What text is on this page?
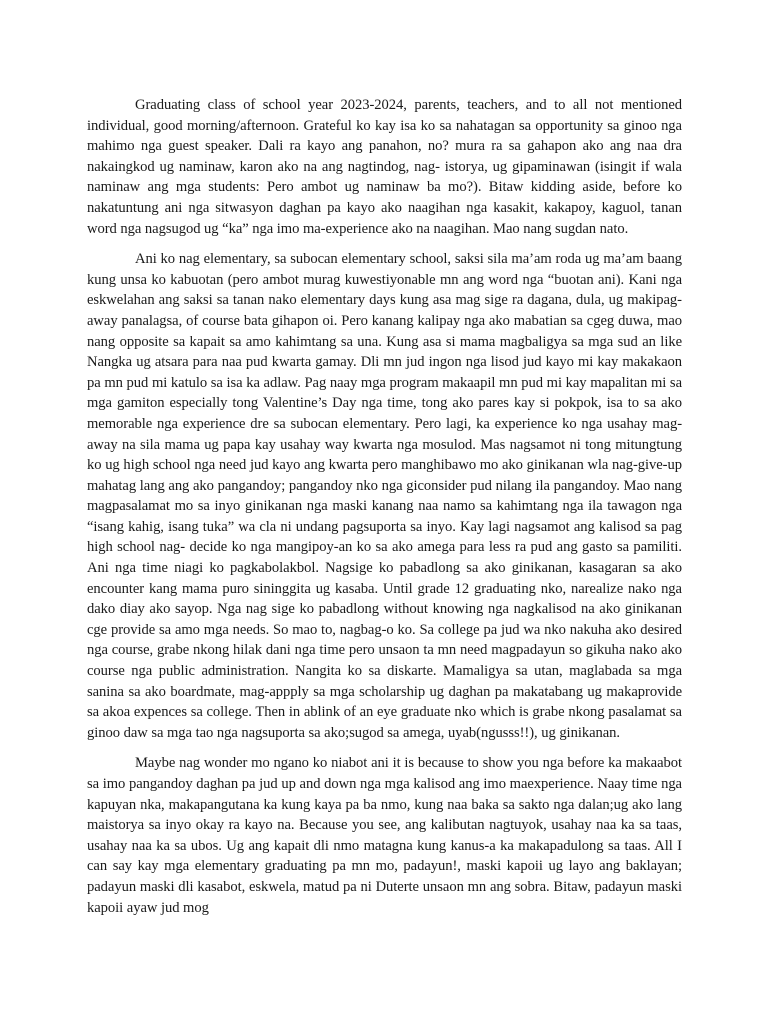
Graduating class of school year 2023-2024, parents, teachers, and to all not mentioned individual, good morning/afternoon. Grateful ko kay isa ko sa nahatagan sa opportunity sa ginoo nga mahimo nga guest speaker. Dali ra kayo ang panahon, no? mura ra sa gahapon ako ang naa dra nakaingkod ug naminaw, karon ako na ang nagtindog, nag- istorya, ug gipaminawan (isingit if wala naminaw ang mga students: Pero ambot ug naminaw ba mo?). Bitaw kidding aside, before ko nakatuntung ani nga sitwasyon daghan pa kayo ako naagihan nga kasakit, kakapoy, kaguol, tanan word nga nagsugod ug “ka” nga imo ma-experience ako na naagihan. Mao nang sugdan nato.

Ani ko nag elementary, sa subocan elementary school, saksi sila ma’am roda ug ma’am baang kung unsa ko kabuotan (pero ambot murag kuwestiyonable mn ang word nga “buotan ani). Kani nga eskwelahan ang saksi sa tanan nako elementary days kung asa mag sige ra dagana, dula, ug makipag- away panalagsa, of course bata gihapon oi. Pero kanang kalipay nga ako mabatian sa cgeg duwa, mao nang opposite sa kapait sa amo kahimtang sa una. Kung asa si mama magbaligya sa mga sud an like Nangka ug atsara para naa pud kwarta gamay. Dli mn jud ingon nga lisod jud kayo mi kay makakaon pa mn pud mi katulo sa isa ka adlaw. Pag naay mga program makaapil mn pud mi kay mapalitan mi sa mga gamiton especially tong Valentine’s Day nga time, tong ako pares kay si pokpok, isa to sa ako memorable nga experience dre sa subocan elementary. Pero lagi, ka experience ko nga usahay mag- away na sila mama ug papa kay usahay way kwarta nga mosulod. Mas nagsamot ni tong mitungtung ko ug high school nga need jud kayo ang kwarta pero manghibawo mo ako ginikanan wla nag-give-up mahatag lang ang ako pangandoy; pangandoy nko nga giconsider pud nilang ila pangandoy. Mao nang magpasalamat mo sa inyo ginikanan nga maski kanang naa namo sa kahimtang nga ila tawagon nga “isang kahig, isang tuka” wa cla ni undang pagsuporta sa inyo. Kay lagi nagsamot ang kalisod sa pag high school nag- decide ko nga mangipoy-an ko sa ako amega para less ra pud ang gasto sa pamiliti. Ani nga time niagi ko pagkabolakbol. Nagsige ko pabadlong sa ako ginikanan, kasagaran sa ako encounter kang mama puro sininggita ug kasaba. Until grade 12 graduating nko, narealize nako nga dako diay ako sayop. Nga nag sige ko pabadlong without knowing nga nagkalisod na ako ginikanan cge provide sa amo mga needs. So mao to, nagbag-o ko. Sa college pa jud wa nko nakuha ako desired nga course, grabe nkong hilak dani nga time pero unsaon ta mn need magpadayun so gikuha nako ako course nga public administration. Nangita ko sa diskarte. Mamaligya sa utan, maglabada sa mga sanina sa ako boardmate, mag-appply sa mga scholarship ug daghan pa makatabang ug makaprovide sa akoa expences sa college. Then in ablink of an eye graduate nko which is grabe nkong pasalamat sa ginoo daw sa mga tao nga nagsuporta sa ako;sugod sa amega, uyab(ngusss!!), ug ginikanan.

Maybe nag wonder mo ngano ko niabot ani it is because to show you nga before ka makaabot sa imo pangandoy daghan pa jud up and down nga mga kalisod ang imo maexperience. Naay time nga kapuyan nka, makapangutana ka kung kaya pa ba nmo, kung naa baka sa sakto nga dalan;ug ako lang maistorya sa inyo okay ra kayo na. Because you see, ang kalibutan nagtuyok, usahay naa ka sa taas, usahay naa ka sa ubos. Ug ang kapait dli nmo matagna kung kanus-a ka makapadulong sa taas. All I can say kay mga elementary graduating pa mn mo, padayun!, maski kapoii ug layo ang baklayan; padayun maski dli kasabot, eskwela, matud pa ni Duterte unsaon mn ang sobra. Bitaw, padayun maski kapoii ayaw jud mog
